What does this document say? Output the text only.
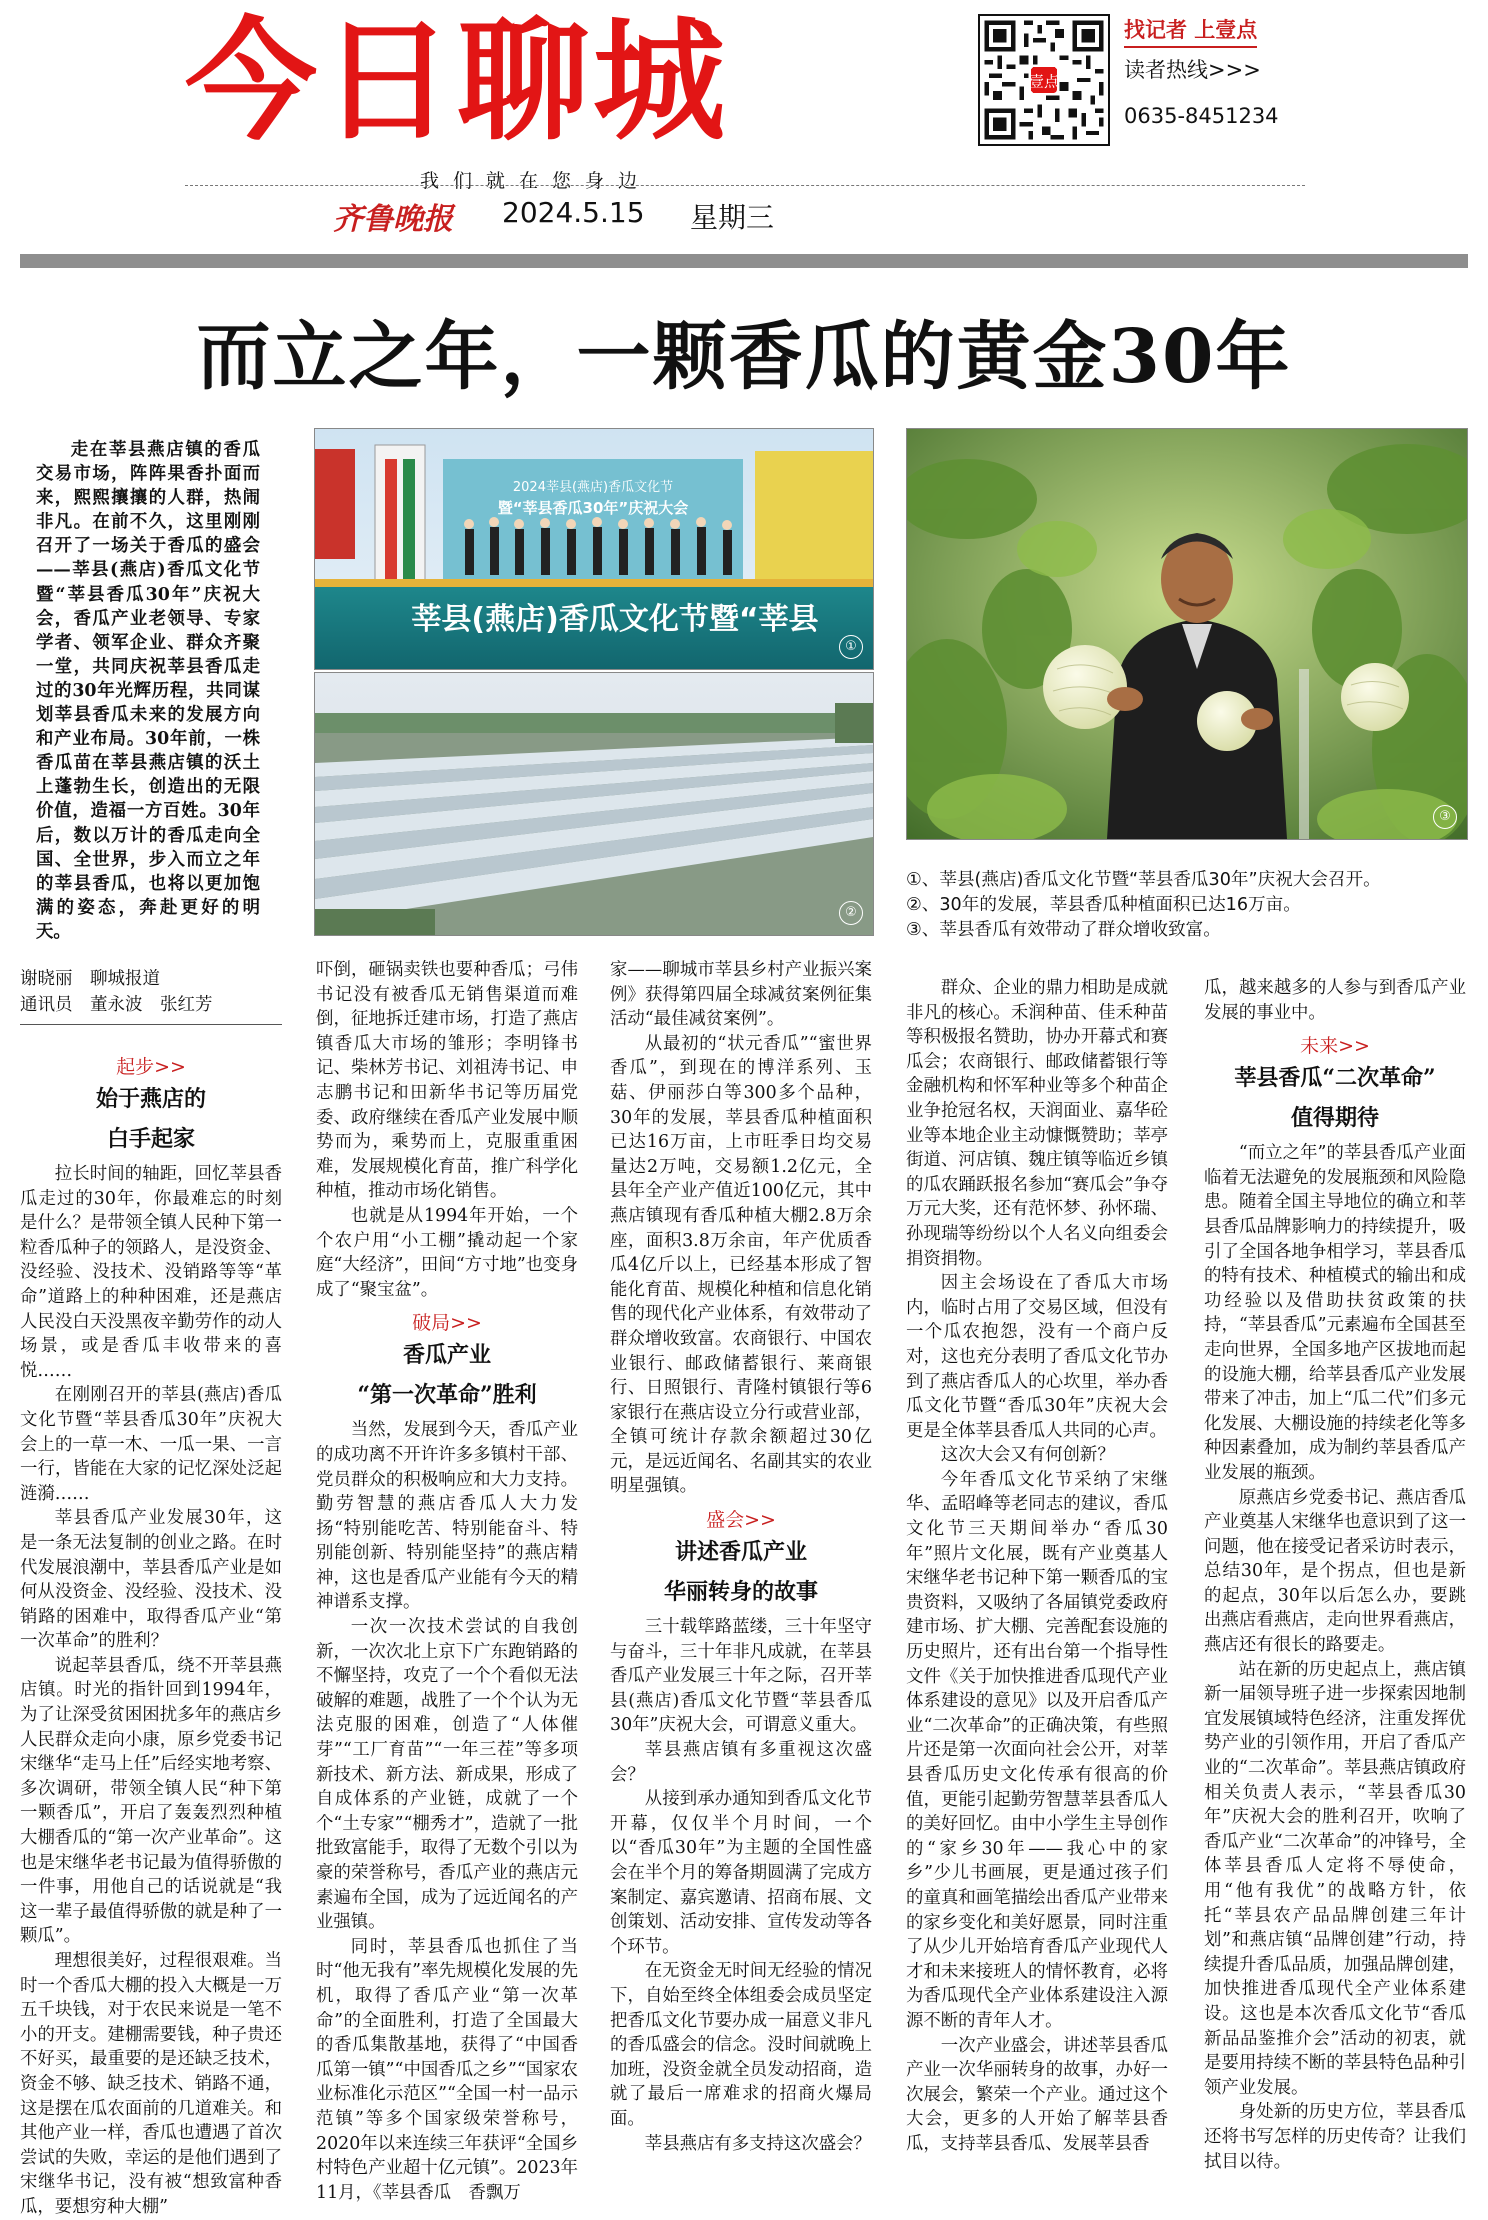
今日聊城	壹点
找记者 上壹点
读者热线>>>
0635-8451234
我们就在您身边
齐鲁晚报 2024.5.15 星期三
而立之年，一颗香瓜的黄金30年
走在莘县燕店镇的香瓜交易市场，阵阵果香扑面而来，熙熙攘攘的人群，热闹非凡。在前不久，这里刚刚召开了一场关于香瓜的盛会——莘县(燕店)香瓜文化节暨“莘县香瓜30年”庆祝大会，香瓜产业老领导、专家学者、领军企业、群众齐聚一堂，共同庆祝莘县香瓜走过的30年光辉历程，共同谋划莘县香瓜未来的发展方向和产业布局。30年前，一株香瓜苗在莘县燕店镇的沃土上蓬勃生长，创造出的无限价值，造福一方百姓。30年后，数以万计的香瓜走向全国、全世界，步入而立之年的莘县香瓜，也将以更加饱满的姿态，奔赴更好的明天。
2024莘县(燕店)香瓜文化节
暨“莘县香瓜30年”庆祝大会
莘县(燕店)香瓜文化节暨“莘县
①
②
③
①、莘县(燕店)香瓜文化节暨“莘县香瓜30年”庆祝大会召开。
②、30年的发展，莘县香瓜种植面积已达16万亩。
③、莘县香瓜有效带动了群众增收致富。
谢晓丽　聊城报道
通讯员　董永波　张红芳
起步>>
始于燕店的
白手起家

拉长时间的轴距，回忆莘县香瓜走过的30年，你最难忘的时刻是什么？是带领全镇人民种下第一粒香瓜种子的领路人，是没资金、没经验、没技术、没销路等等“革命”道路上的种种困难，还是燕店人民没白天没黑夜辛勤劳作的动人场景，或是香瓜丰收带来的喜悦……

在刚刚召开的莘县(燕店)香瓜文化节暨“莘县香瓜30年”庆祝大会上的一草一木、一瓜一果、一言一行，皆能在大家的记忆深处泛起涟漪……

莘县香瓜产业发展30年，这是一条无法复制的创业之路。在时代发展浪潮中，莘县香瓜产业是如何从没资金、没经验、没技术、没销路的困难中，取得香瓜产业“第一次革命”的胜利？

说起莘县香瓜，绕不开莘县燕店镇。时光的指针回到1994年，为了让深受贫困困扰多年的燕店乡人民群众走向小康，原乡党委书记宋继华“走马上任”后经实地考察、多次调研，带领全镇人民“种下第一颗香瓜”，开启了轰轰烈烈种植大棚香瓜的“第一次产业革命”。这也是宋继华老书记最为值得骄傲的一件事，用他自己的话说就是“我这一辈子最值得骄傲的就是种了一颗瓜”。

理想很美好，过程很艰难。当时一个香瓜大棚的投入大概是一万五千块钱，对于农民来说是一笔不小的开支。建棚需要钱，种子贵还不好买，最重要的是还缺乏技术，资金不够、缺乏技术、销路不通，这是摆在瓜农面前的几道难关。和其他产业一样，香瓜也遭遇了首次尝试的失败，幸运的是他们遇到了宋继华书记，没有被“想致富种香瓜，要想穷种大棚”

吓倒，砸锅卖铁也要种香瓜；弓伟书记没有被香瓜无销售渠道而难倒，征地拆迁建市场，打造了燕店镇香瓜大市场的雏形；李明锋书记、柴林芳书记、刘祖涛书记、申志鹏书记和田新华书记等历届党委、政府继续在香瓜产业发展中顺势而为，乘势而上，克服重重困难，发展规模化育苗，推广科学化种植，推动市场化销售。

也就是从1994年开始，一个个农户用“小工棚”撬动起一个家庭“大经济”，田间“方寸地”也变身成了“聚宝盆”。

破局>>
香瓜产业
“第一次革命”胜利

当然，发展到今天，香瓜产业的成功离不开许许多多镇村干部、党员群众的积极响应和大力支持。勤劳智慧的燕店香瓜人大力发扬“特别能吃苦、特别能奋斗、特别能创新、特别能坚持”的燕店精神，这也是香瓜产业能有今天的精神谱系支撑。

一次一次技术尝试的自我创新，一次次北上京下广东跑销路的不懈坚持，攻克了一个个看似无法破解的难题，战胜了一个个认为无法克服的困难，创造了“人体催芽”“工厂育苗”“一年三茬”等多项新技术、新方法、新成果，形成了自成体系的产业链，成就了一个个“土专家”“棚秀才”，造就了一批批致富能手，取得了无数个引以为豪的荣誉称号，香瓜产业的燕店元素遍布全国，成为了远近闻名的产业强镇。

同时，莘县香瓜也抓住了当时“他无我有”率先规模化发展的先机，取得了香瓜产业“第一次革命”的全面胜利，打造了全国最大的香瓜集散基地，获得了“中国香瓜第一镇”“中国香瓜之乡”“国家农业标准化示范区”“全国一村一品示范镇”等多个国家级荣誉称号，2020年以来连续三年获评“全国乡村特色产业超十亿元镇”。2023年11月，《莘县香瓜　香飘万

家——聊城市莘县乡村产业振兴案例》获得第四届全球减贫案例征集活动“最佳减贫案例”。

从最初的“状元香瓜”“蜜世界香瓜”，到现在的博洋系列、玉菇、伊丽莎白等300多个品种，30年的发展，莘县香瓜种植面积已达16万亩，上市旺季日均交易量达2万吨，交易额1.2亿元，全县年全产业产值近100亿元，其中燕店镇现有香瓜种植大棚2.8万余座，面积3.8万余亩，年产优质香瓜4亿斤以上，已经基本形成了智能化育苗、规模化种植和信息化销售的现代化产业体系，有效带动了群众增收致富。农商银行、中国农业银行、邮政储蓄银行、莱商银行、日照银行、青隆村镇银行等6家银行在燕店设立分行或营业部，全镇可统计存款余额超过30亿元，是远近闻名、名副其实的农业明星强镇。

盛会>>
讲述香瓜产业
华丽转身的故事

三十载筚路蓝缕，三十年坚守与奋斗，三十年非凡成就，在莘县香瓜产业发展三十年之际，召开莘县(燕店)香瓜文化节暨“莘县香瓜30年”庆祝大会，可谓意义重大。

莘县燕店镇有多重视这次盛会？

从接到承办通知到香瓜文化节开幕，仅仅半个月时间，一个以“香瓜30年”为主题的全国性盛会在半个月的筹备期圆满了完成方案制定、嘉宾邀请、招商布展、文创策划、活动安排、宣传发动等各个环节。

在无资金无时间无经验的情况下，自始至终全体组委会成员坚定把香瓜文化节要办成一届意义非凡的香瓜盛会的信念。没时间就晚上加班，没资金就全员发动招商，造就了最后一席难求的招商火爆局面。

莘县燕店有多支持这次盛会？

群众、企业的鼎力相助是成就非凡的核心。禾润种苗、佳禾种苗等积极报名赞助，协办开幕式和赛瓜会；农商银行、邮政储蓄银行等金融机构和怀军种业等多个种苗企业争抢冠名权，天润面业、嘉华砼业等本地企业主动慷慨赞助；莘亭街道、河店镇、魏庄镇等临近乡镇的瓜农踊跃报名参加“赛瓜会”争夺万元大奖，还有范怀梦、孙怀瑞、孙现瑞等纷纷以个人名义向组委会捐资捐物。

因主会场设在了香瓜大市场内，临时占用了交易区域，但没有一个瓜农抱怨，没有一个商户反对，这也充分表明了香瓜文化节办到了燕店香瓜人的心坎里，举办香瓜文化节暨“香瓜30年”庆祝大会更是全体莘县香瓜人共同的心声。

这次大会又有何创新？

今年香瓜文化节采纳了宋继华、孟昭峰等老同志的建议，香瓜文化节三天期间举办“香瓜30年”照片文化展，既有产业奠基人宋继华老书记种下第一颗香瓜的宝贵资料，又吸纳了各届镇党委政府建市场、扩大棚、完善配套设施的历史照片，还有出台第一个指导性文件《关于加快推进香瓜现代产业体系建设的意见》以及开启香瓜产业“二次革命”的正确决策，有些照片还是第一次面向社会公开，对莘县香瓜历史文化传承有很高的价值，更能引起勤劳智慧莘县香瓜人的美好回忆。由中小学生主导创作的“家乡30年——我心中的家乡”少儿书画展，更是通过孩子们的童真和画笔描绘出香瓜产业带来的家乡变化和美好愿景，同时注重了从少儿开始培育香瓜产业现代人才和未来接班人的情怀教育，必将为香瓜现代全产业体系建设注入源源不断的青年人才。

一次产业盛会，讲述莘县香瓜产业一次华丽转身的故事，办好一次展会，繁荣一个产业。通过这个大会，更多的人开始了解莘县香瓜，支持莘县香瓜、发展莘县香

瓜，越来越多的人参与到香瓜产业发展的事业中。

未来>>
莘县香瓜“二次革命”
值得期待

“而立之年”的莘县香瓜产业面临着无法避免的发展瓶颈和风险隐患。随着全国主导地位的确立和莘县香瓜品牌影响力的持续提升，吸引了全国各地争相学习，莘县香瓜的特有技术、种植模式的输出和成功经验以及借助扶贫政策的扶持，“莘县香瓜”元素遍布全国甚至走向世界，全国多地产区拔地而起的设施大棚，给莘县香瓜产业发展带来了冲击，加上“瓜二代”们多元化发展、大棚设施的持续老化等多种因素叠加，成为制约莘县香瓜产业发展的瓶颈。

原燕店乡党委书记、燕店香瓜产业奠基人宋继华也意识到了这一问题，他在接受记者采访时表示，总结30年，是个拐点，但也是新的起点，30年以后怎么办，要跳出燕店看燕店，走向世界看燕店，燕店还有很长的路要走。

站在新的历史起点上，燕店镇新一届领导班子进一步探索因地制宜发展镇域特色经济，注重发挥优势产业的引领作用，开启了香瓜产业的“二次革命”。莘县燕店镇政府相关负责人表示，“莘县香瓜30年”庆祝大会的胜利召开，吹响了香瓜产业“二次革命”的冲锋号，全体莘县香瓜人定将不辱使命，用“他有我优”的战略方针，依托“莘县农产品品牌创建三年计划”和燕店镇“品牌创建”行动，持续提升香瓜品质，加强品牌创建，加快推进香瓜现代全产业体系建设。这也是本次香瓜文化节“香瓜新品品鉴推介会”活动的初衷，就是要用持续不断的莘县特色品种引领产业发展。

身处新的历史方位，莘县香瓜还将书写怎样的历史传奇？让我们拭目以待。
